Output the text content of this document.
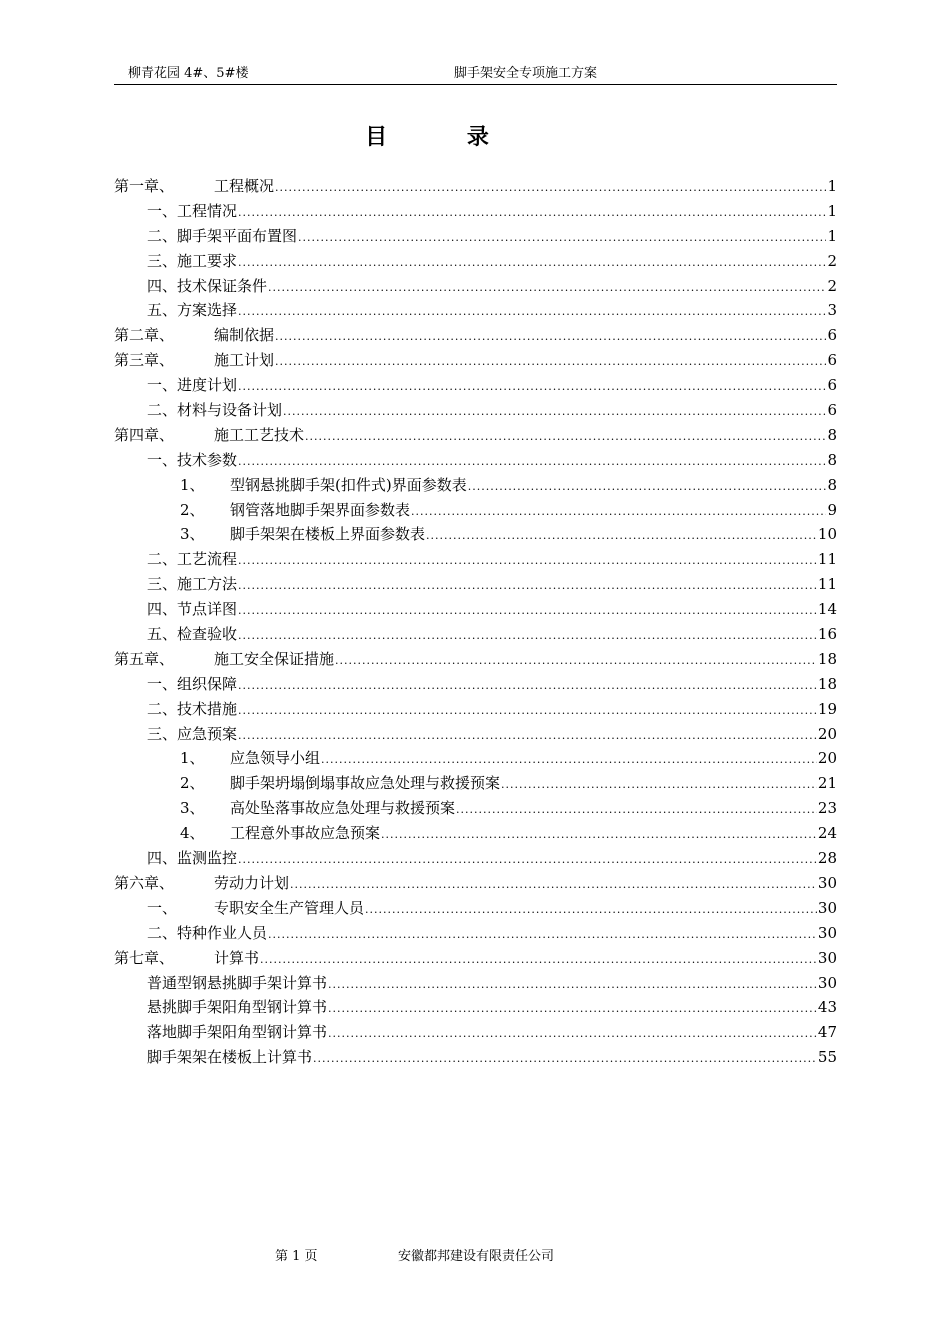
柳青花园 4#、5#楼	脚手架安全专项施工方案
目 录
第一章、	工程概况 .....	1
一、 工程情况 .....	1
二、 脚手架平面布置图 .....	1
三、 施工要求 .....	2
四、 技术保证条件 .....	2
五、 方案选择 .....	3
第二章、	编制依据 .....	6
第三章、	施工计划 .....	6
一、 进度计划 .....	6
二、 材料与设备计划 .....	6
第四章、	施工工艺技术 .....	8
一、 技术参数 .....	8
1、	型钢悬挑脚手架(扣件式)界面参数表 .....	8
2、	钢管落地脚手架界面参数表 .....	9
3、	脚手架架在楼板上界面参数表 .....	10
二、 工艺流程 .....	11
三、 施工方法 .....	11
四、 节点详图 .....	14
五、 检查验收 .....	16
第五章、	施工安全保证措施 .....	18
一、 组织保障 .....	18
二、 技术措施 .....	19
三、 应急预案 .....	20
1、	应急领导小组 .....	20
2、	脚手架坍塌倒塌事故应急处理与救援预案 .....	21
3、	高处坠落事故应急处理与救援预案 .....	23
4、	工程意外事故应急预案 .....	24
四、 监测监控 .....	28
第六章、	劳动力计划 .....	30
一、	专职安全生产管理人员 .....	30
二、 特种作业人员 .....	30
第七章、	计算书 .....	30
普通型钢悬挑脚手架计算书 .....	30
悬挑脚手架阳角型钢计算书 .....	43
落地脚手架阳角型钢计算书 .....	47
脚手架架在楼板上计算书 .....	55
第 1 页	安徽都邦建设有限责任公司
